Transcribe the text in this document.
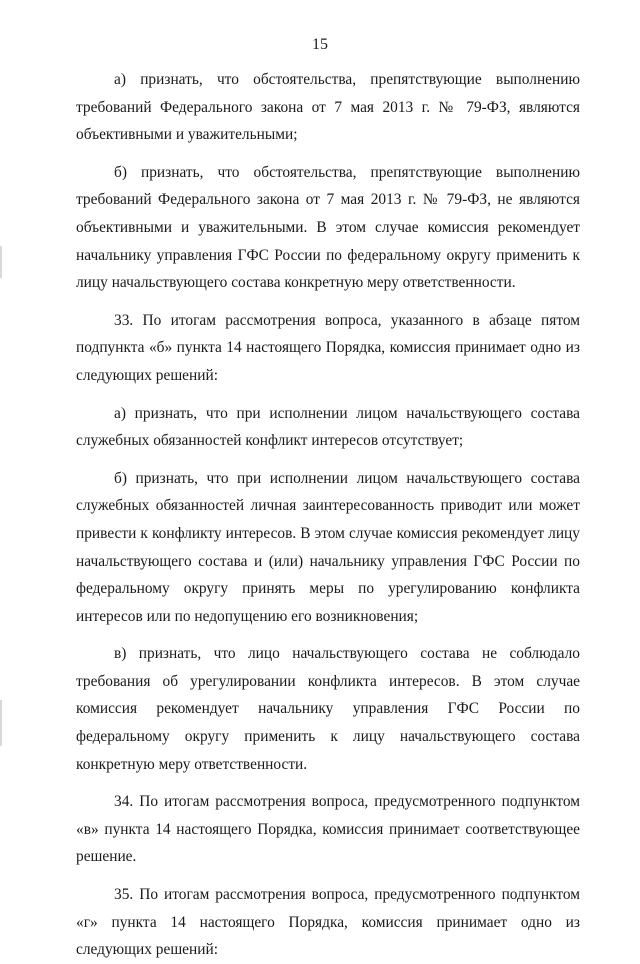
15

а) признать, что обстоятельства, препятствующие выполнению требований Федерального закона от 7 мая 2013 г. № 79-ФЗ, являются объективными и уважительными;

б) признать, что обстоятельства, препятствующие выполнению требований Федерального закона от 7 мая 2013 г. № 79-ФЗ, не являются объективными и уважительными. В этом случае комиссия рекомендует начальнику управления ГФС России по федеральному округу применить к лицу начальствующего состава конкретную меру ответственности.

33. По итогам рассмотрения вопроса, указанного в абзаце пятом подпункта «б» пункта 14 настоящего Порядка, комиссия принимает одно из следующих решений:

а) признать, что при исполнении лицом начальствующего состава служебных обязанностей конфликт интересов отсутствует;

б) признать, что при исполнении лицом начальствующего состава служебных обязанностей личная заинтересованность приводит или может привести к конфликту интересов. В этом случае комиссия рекомендует лицу начальствующего состава и (или) начальнику управления ГФС России по федеральному округу принять меры по урегулированию конфликта интересов или по недопущению его возникновения;

в) признать, что лицо начальствующего состава не соблюдало требования об урегулировании конфликта интересов. В этом случае комиссия рекомендует начальнику управления ГФС России по федеральному округу применить к лицу начальствующего состава конкретную меру ответственности.

34. По итогам рассмотрения вопроса, предусмотренного подпунктом «в» пункта 14 настоящего Порядка, комиссия принимает соответствующее решение.

35. По итогам рассмотрения вопроса, предусмотренного подпунктом «г» пункта 14 настоящего Порядка, комиссия принимает одно из следующих решений:
